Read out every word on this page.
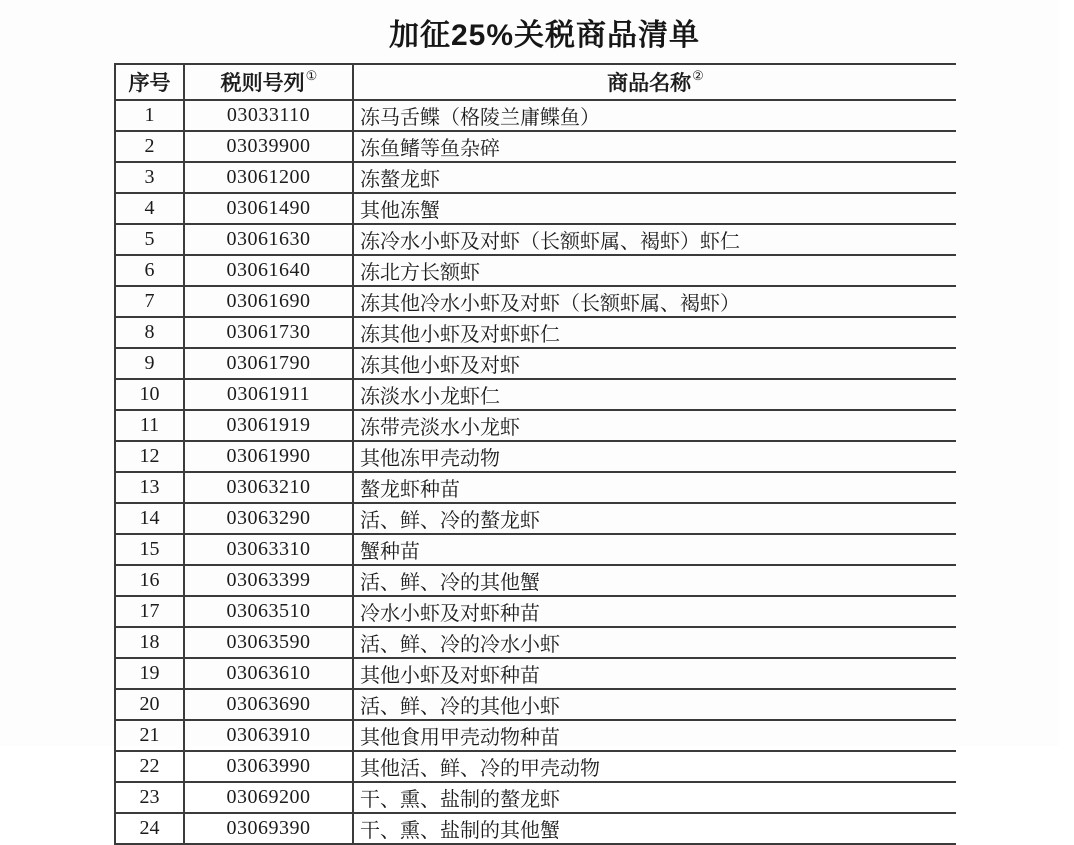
加征25%关税商品清单
序号	税则号列①	商品名称②
1	03033110	冻马舌鲽（格陵兰庸鲽鱼）
2	03039900	冻鱼鳍等鱼杂碎
3	03061200	冻螯龙虾
4	03061490	其他冻蟹
5	03061630	冻冷水小虾及对虾（长额虾属、褐虾）虾仁
6	03061640	冻北方长额虾
7	03061690	冻其他冷水小虾及对虾（长额虾属、褐虾）
8	03061730	冻其他小虾及对虾虾仁
9	03061790	冻其他小虾及对虾
10	03061911	冻淡水小龙虾仁
11	03061919	冻带壳淡水小龙虾
12	03061990	其他冻甲壳动物
13	03063210	螯龙虾种苗
14	03063290	活、鲜、冷的螯龙虾
15	03063310	蟹种苗
16	03063399	活、鲜、冷的其他蟹
17	03063510	冷水小虾及对虾种苗
18	03063590	活、鲜、冷的冷水小虾
19	03063610	其他小虾及对虾种苗
20	03063690	活、鲜、冷的其他小虾
21	03063910	其他食用甲壳动物种苗
22	03063990	其他活、鲜、冷的甲壳动物
23	03069200	干、熏、盐制的螯龙虾
24	03069390	干、熏、盐制的其他蟹
